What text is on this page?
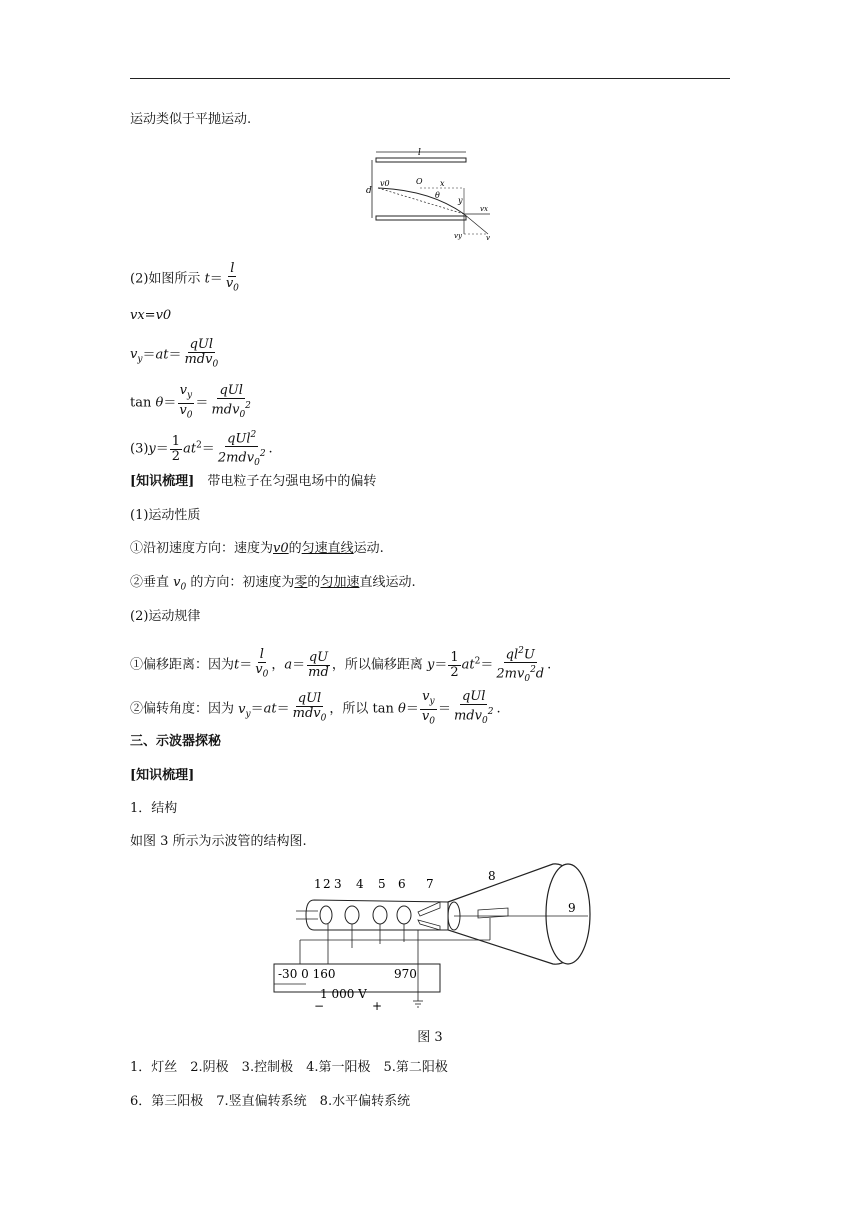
运动类似于平抛运动.
l
d
v0	O x
y
θ
vx
vy	v
(2)如图所示 $t= \frac{l}{v_0}$
vx=v0
$v_y=at= \frac{\text{qUl}}{mdv_0}$
$\tan \theta= \frac{v_y}{v_0} = \frac{\text{qUl}}{mdv_0^2}$
$(3)y= \frac{1}{2} at^2= \frac{qUl^2}{2mdv_0^2}$ .
[知识梳理]　 带电粒子在匀强电场中的偏转
(1)运动性质
①沿初速度方向：速度为v0的匀速直线运动.
②垂直 $v_0$ 的方向：初速度为零的匀加速直线运动.
(2)运动规律
①偏移距离：因为$t= \frac{l}{v_0}$ ，$a= \frac{qU}{md}$ ，所以偏移距离 $y= \frac{1}{2} at^2= \frac{ql^2U}{2mv_0^2d}$ .
②偏转角度：因为 $v_y=at= \frac{\text{qUl}}{mdv_0}$ ，所以 $\tan \theta= \frac{v_y}{v_0} = \frac{\text{qUl}}{mdv_0^2}$ .
三、示波器探秘
[知识梳理]
1．结构
如图 3 所示为示波管的结构图.
1 2 3 4 5 6 7
8
9
-30 0 160	970
1 000 V
−	+
图 3
1．灯丝　2.阴极　3.控制极　4.第一阳极　5.第二阳极
6．第三阳极　7.竖直偏转系统　8.水平偏转系统
